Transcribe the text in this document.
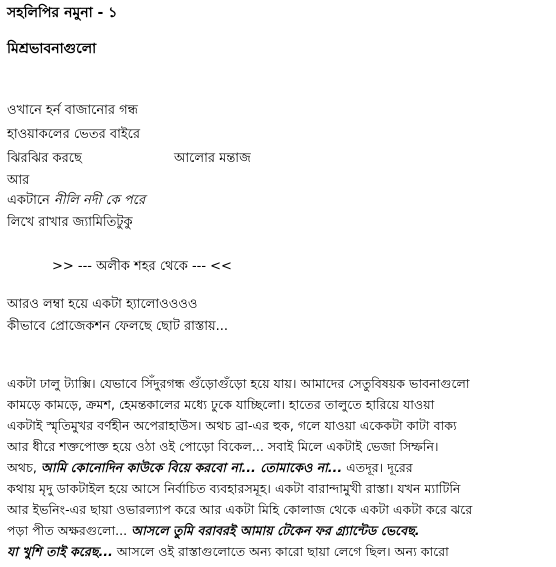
সহলিপির নমুনা - ১
মিশ্রভাবনাগুলো
ওখানে হর্ন বাজানোর গন্ধ
হাওয়াকলের ভেতর বাইরে
ঝিরঝির করছে	আলোর মন্তাজ
আর
একটানে নীলি নদী কে পরে
লিখে রাখার জ্যামিতিটুকু
>> --- অলীক শহর থেকে --- <<
আরও লম্বা হয়ে একটা হ্যালোওওওও
কীভাবে প্রোজেকশন ফেলছে ছোট রাস্তায়...
একটা ঢালু ট্যাক্সি। যেভাবে সিঁদুরগন্ধ গুঁড়োগুঁড়ো হয়ে যায়। আমাদের সেতুবিষয়ক ভাবনাগুলো
কামড়ে কামড়ে, ক্রমশ, হেমন্তকালের মধ্যে ঢুকে যাচ্ছিলো। হাতের তালুতে হারিয়ে যাওয়া
একটাই স্মৃতিমুখর বর্ণহীন অপেরাহাউস। অথচ ব্রা-এর হুক, গলে যাওয়া একেকটা কাটা বাক্য
আর ধীরে শক্তপোক্ত হয়ে ওঠা ওই পোড়ো বিকেল... সবাই মিলে একটাই ভেজা সিম্ফনি।
অথচ, আমি কোনোদিন কাউকে বিয়ে করবো না... তোমাকেও না... এতদূর। দূরের
কথায় মৃদু ডাকটাইল হয়ে আসে নির্বাচিত ব্যবহারসমূহ। একটা বারান্দামুখী রাস্তা। যখন ম্যাটিনি
আর ইভনিং-এর ছায়া ওভারল্যাপ করে আর একটা মিহি কোলাজ থেকে একটা একটা করে ঝরে
পড়া পীত অক্ষরগুলো... আসলে তুমি বরাবরই আমায় টেকেন ফর গ্র্যান্টেড ভেবেছ.
যা খুশি তাই করেছ... আসলে ওই রাস্তাগুলোতে অন্য কারো ছায়া লেগে ছিল। অন্য কারো
